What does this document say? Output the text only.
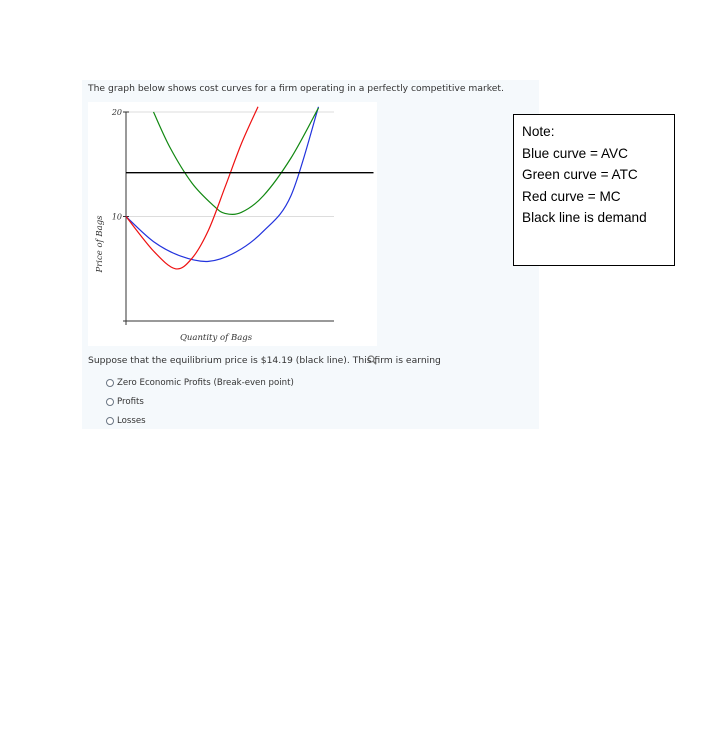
The graph below shows cost curves for a firm operating in a perfectly competitive market.
20
10
Quantity of Bags
Price of Bags
Suppose that the equilibrium price is $14.19 (black line). This firm is earning
Zero Economic Profits (Break-even point)
Profits
Losses
Note:
Blue curve = AVC
Green curve = ATC
Red curve = MC
Black line is demand
